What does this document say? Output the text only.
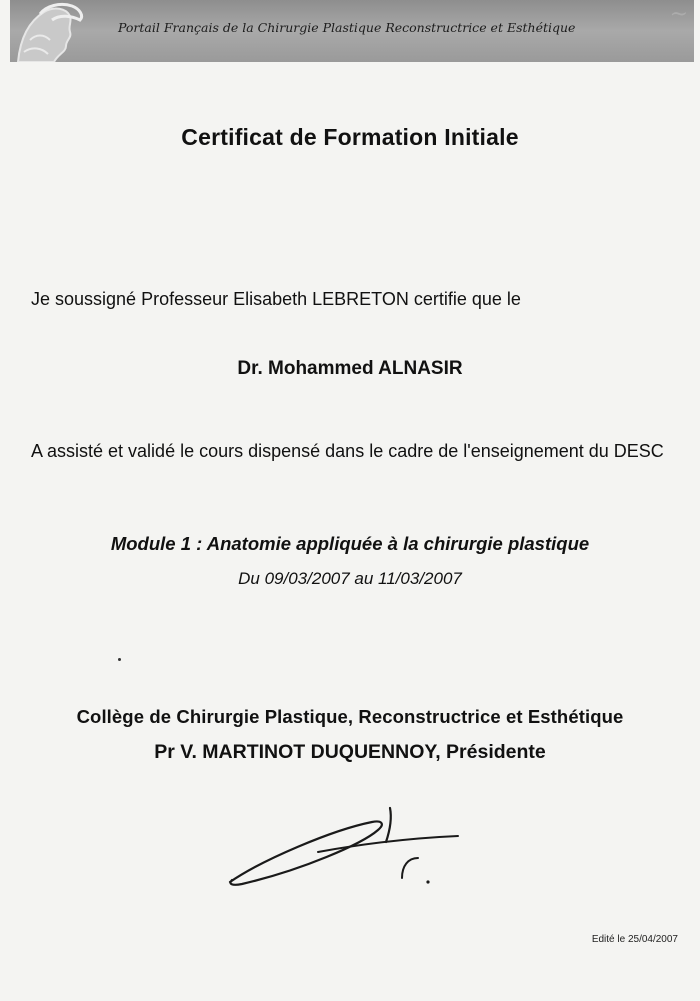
~
Portail Français de la Chirurgie Plastique Reconstructrice et Esthétique
Certificat de Formation Initiale
Je soussigné Professeur Elisabeth LEBRETON certifie que le
Dr. Mohammed ALNASIR
A assisté et validé le cours dispensé dans le cadre de l'enseignement du DESC
Module 1 : Anatomie appliquée à la chirurgie plastique
Du 09/03/2007 au 11/03/2007
Collège de Chirurgie Plastique, Reconstructrice et Esthétique
Pr V. MARTINOT DUQUENNOY, Présidente
Edité le 25/04/2007
